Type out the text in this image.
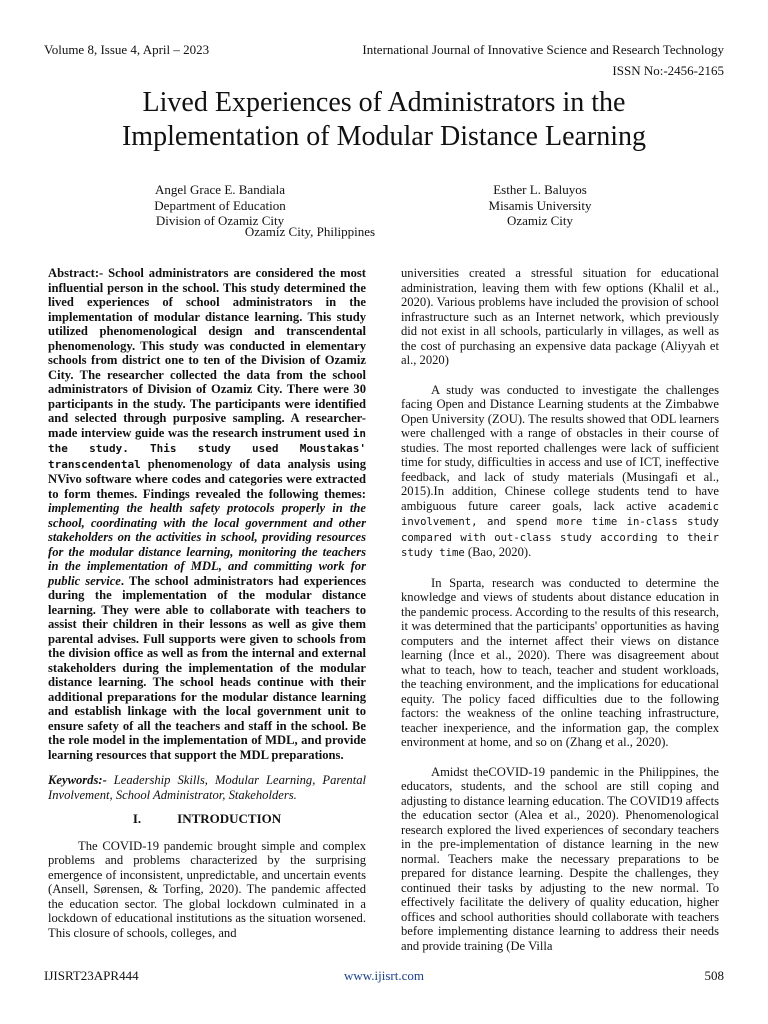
Volume 8, Issue 4, April – 2023	International Journal of Innovative Science and Research Technology
ISSN No:-2456-2165
Lived Experiences of Administrators in the
Implementation of Modular Distance Learning
Angel Grace E. Bandiala
Department of Education
Division of Ozamiz City
Esther L. Baluyos
Misamis University
Ozamiz City
Ozamiz City, Philippines

Abstract:- School administrators are considered the most influential person in the school. This study determined the lived experiences of school administrators in the implementation of modular distance learning. This study utilized phenomenological design and transcendental phenomenology. This study was conducted in elementary schools from district one to ten of the Division of Ozamiz City. The researcher collected the data from the school administrators of Division of Ozamiz City. There were 30 participants in the study. The participants were identified and selected through purposive sampling. A researcher-made interview guide was the research instrument used in the study. This study used Moustakas' transcendental phenomenology of data analysis using NVivo software where codes and categories were extracted to form themes. Findings revealed the following themes: implementing the health safety protocols properly in the school, coordinating with the local government and other stakeholders on the activities in school, providing resources for the modular distance learning, monitoring the teachers in the implementation of MDL, and committing work for public service. The school administrators had experiences during the implementation of the modular distance learning. They were able to collaborate with teachers to assist their children in their lessons as well as give them parental advises. Full supports were given to schools from the division office as well as from the internal and external stakeholders during the implementation of the modular distance learning. The school heads continue with their additional preparations for the modular distance learning and establish linkage with the local government unit to ensure safety of all the teachers and staff in the school. Be the role model in the implementation of MDL, and provide learning resources that support the MDL preparations.

Keywords:- Leadership Skills, Modular Learning, Parental Involvement, School Administrator, Stakeholders.

I.	INTRODUCTION

The COVID-19 pandemic brought simple and complex problems and problems characterized by the surprising emergence of inconsistent, unpredictable, and uncertain events (Ansell, Sørensen, & Torfing, 2020). The pandemic affected the education sector. The global lockdown culminated in a lockdown of educational institutions as the situation worsened. This closure of schools, colleges, and

universities created a stressful situation for educational administration, leaving them with few options (Khalil et al., 2020). Various problems have included the provision of school infrastructure such as an Internet network, which previously did not exist in all schools, particularly in villages, as well as the cost of purchasing an expensive data package (Aliyyah et al., 2020)

A study was conducted to investigate the challenges facing Open and Distance Learning students at the Zimbabwe Open University (ZOU). The results showed that ODL learners were challenged with a range of obstacles in their course of studies. The most reported challenges were lack of sufficient time for study, difficulties in access and use of ICT, ineffective feedback, and lack of study materials (Musingafi et al., 2015).In addition, Chinese college students tend to have ambiguous future career goals, lack active academic involvement, and spend more time in-class study compared with out-class study according to their study time (Bao, 2020).

In Sparta, research was conducted to determine the knowledge and views of students about distance education in the pandemic process. According to the results of this research, it was determined that the participants' opportunities as having computers and the internet affect their views on distance learning (İnce et al., 2020). There was disagreement about what to teach, how to teach, teacher and student workloads, the teaching environment, and the implications for educational equity. The policy faced difficulties due to the following factors: the weakness of the online teaching infrastructure, teacher inexperience, and the information gap, the complex environment at home, and so on (Zhang et al., 2020).

Amidst theCOVID-19 pandemic in the Philippines, the educators, students, and the school are still coping and adjusting to distance learning education. The COVID19 affects the education sector (Alea et al., 2020). Phenomenological research explored the lived experiences of secondary teachers in the pre-implementation of distance learning in the new normal. Teachers make the necessary preparations to be prepared for distance learning. Despite the challenges, they continued their tasks by adjusting to the new normal. To effectively facilitate the delivery of quality education, higher offices and school authorities should collaborate with teachers before implementing distance learning to address their needs and provide training (De Villa

IJISRT23APR444	www.ijisrt.com	508
